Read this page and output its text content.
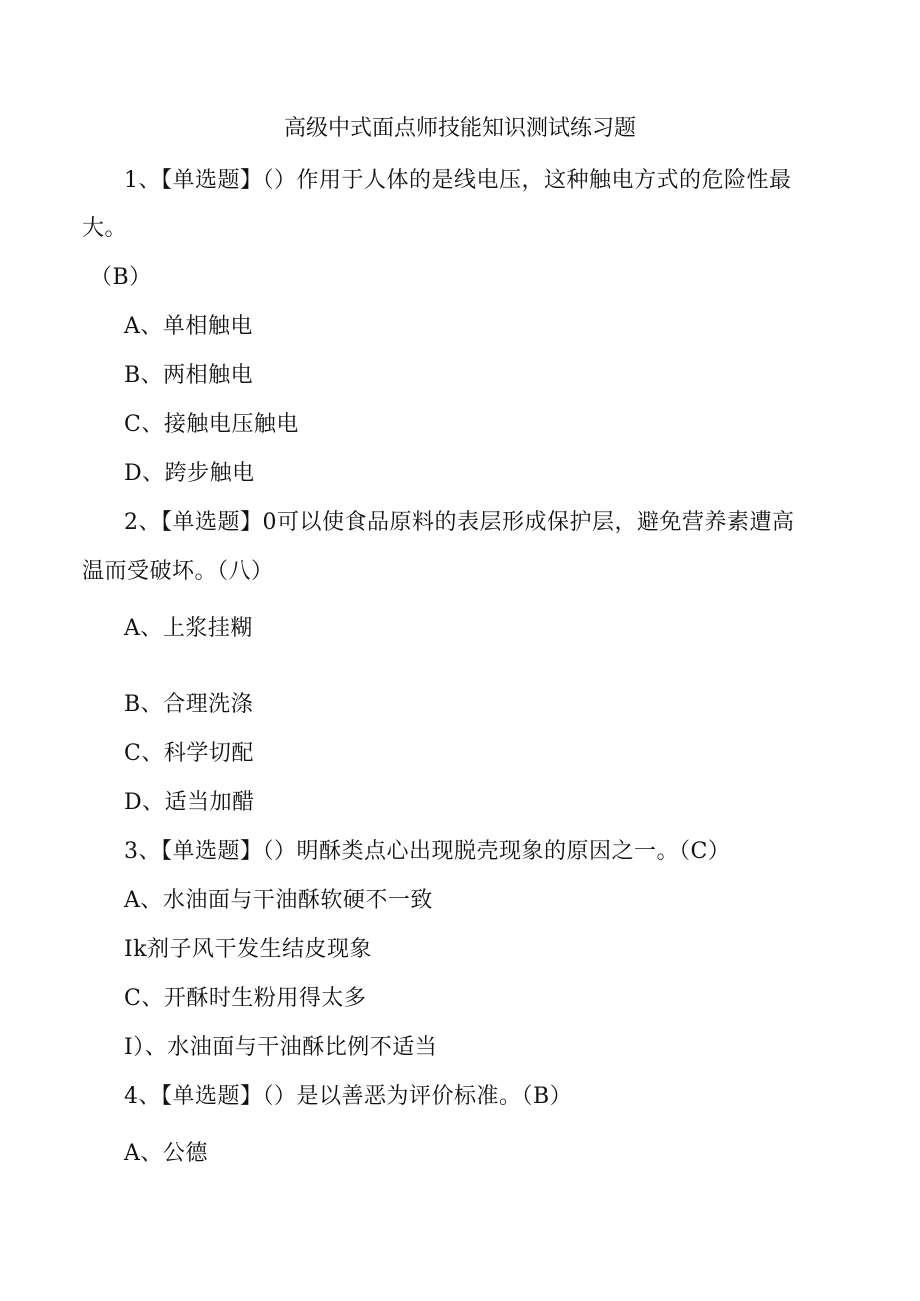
高级中式面点师技能知识测试练习题
1、【单选题】（）作用于人体的是线电压，这种触电方式的危险性最
大。
（B）
A、单相触电
B、两相触电
C、接触电压触电
D、跨步触电
2、【单选题】0可以使食品原料的表层形成保护层，避免营养素遭高
温而受破坏。（八）
A、上浆挂糊
B、合理洗涤
C、科学切配
D、适当加醋
3、【单选题】（）明酥类点心出现脱壳现象的原因之一。（C）
A、水油面与干油酥软硬不一致
Ik剂子风干发生结皮现象
C、开酥时生粉用得太多
I）、水油面与干油酥比例不适当
4、【单选题】（）是以善恶为评价标准。（B）
A、公德
